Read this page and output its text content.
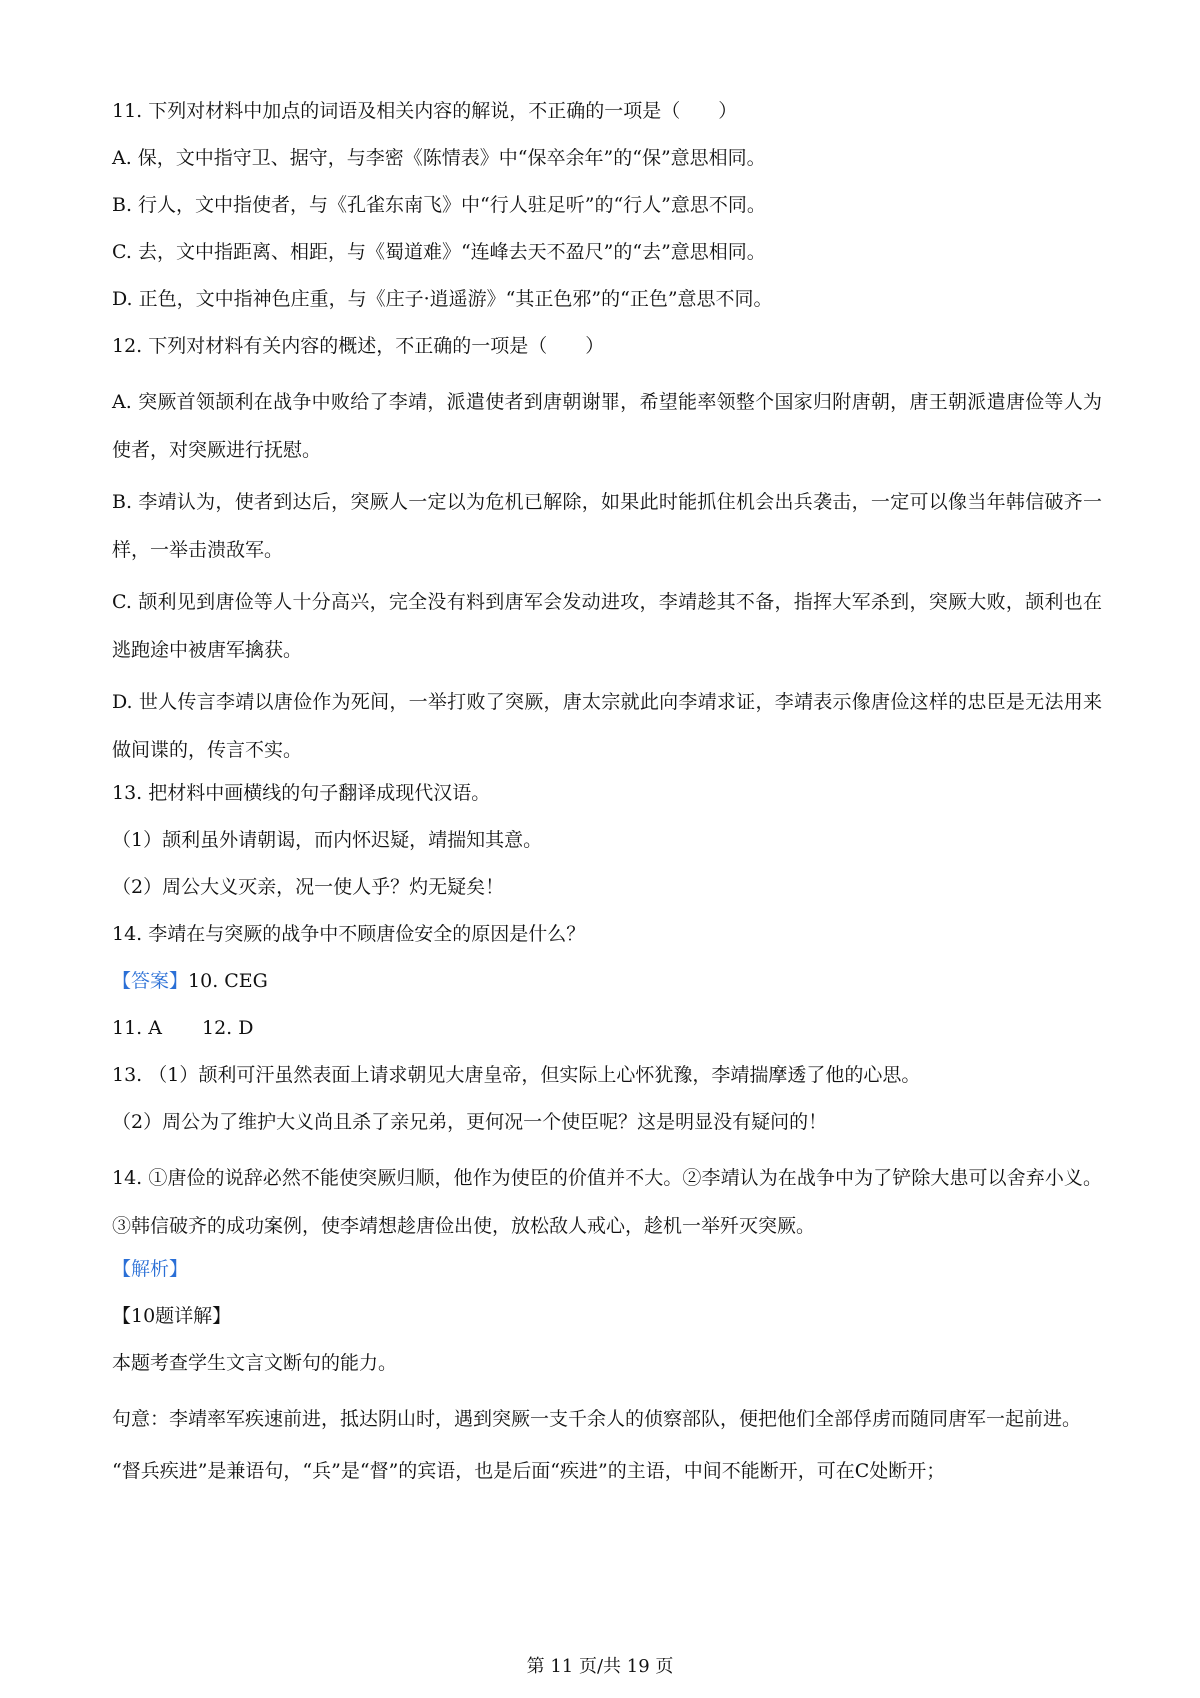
11. 下列对材料中加点的词语及相关内容的解说，不正确的一项是（　　）
A. 保，文中指守卫、据守，与李密《陈情表》中“保卒余年”的“保”意思相同。
B. 行人，文中指使者，与《孔雀东南飞》中“行人驻足听”的“行人”意思不同。
C. 去，文中指距离、相距，与《蜀道难》“连峰去天不盈尺”的“去”意思相同。
D. 正色，文中指神色庄重，与《庄子·逍遥游》“其正色邪”的“正色”意思不同。
12. 下列对材料有关内容的概述，不正确的一项是（　　）
A. 突厥首领颉利在战争中败给了李靖，派遣使者到唐朝谢罪，希望能率领整个国家归附唐朝，唐王朝派遣唐俭等人为使者，对突厥进行抚慰。
B. 李靖认为，使者到达后，突厥人一定以为危机已解除，如果此时能抓住机会出兵袭击，一定可以像当年韩信破齐一样，一举击溃敌军。
C. 颉利见到唐俭等人十分高兴，完全没有料到唐军会发动进攻，李靖趁其不备，指挥大军杀到，突厥大败，颉利也在逃跑途中被唐军擒获。
D. 世人传言李靖以唐俭作为死间，一举打败了突厥，唐太宗就此向李靖求证，李靖表示像唐俭这样的忠臣是无法用来做间谍的，传言不实。
13. 把材料中画横线的句子翻译成现代汉语。
（1）颉利虽外请朝谒，而内怀迟疑，靖揣知其意。
（2）周公大义灭亲，况一使人乎？灼无疑矣！
14. 李靖在与突厥的战争中不顾唐俭安全的原因是什么？
【答案】10. CEG
11. A 12. D
13. （1）颉利可汗虽然表面上请求朝见大唐皇帝，但实际上心怀犹豫，李靖揣摩透了他的心思。
（2）周公为了维护大义尚且杀了亲兄弟，更何况一个使臣呢？这是明显没有疑问的！
14. ①唐俭的说辞必然不能使突厥归顺，他作为使臣的价值并不大。②李靖认为在战争中为了铲除大患可以舍弃小义。③韩信破齐的成功案例，使李靖想趁唐俭出使，放松敌人戒心，趁机一举歼灭突厥。
【解析】
【10题详解】
本题考查学生文言文断句的能力。
句意：李靖率军疾速前进，抵达阴山时，遇到突厥一支千余人的侦察部队，便把他们全部俘虏而随同唐军一起前进。
“督兵疾进”是兼语句，“兵”是“督”的宾语，也是后面“疾进”的主语，中间不能断开，可在C处断开；
第 11 页/共 19 页
